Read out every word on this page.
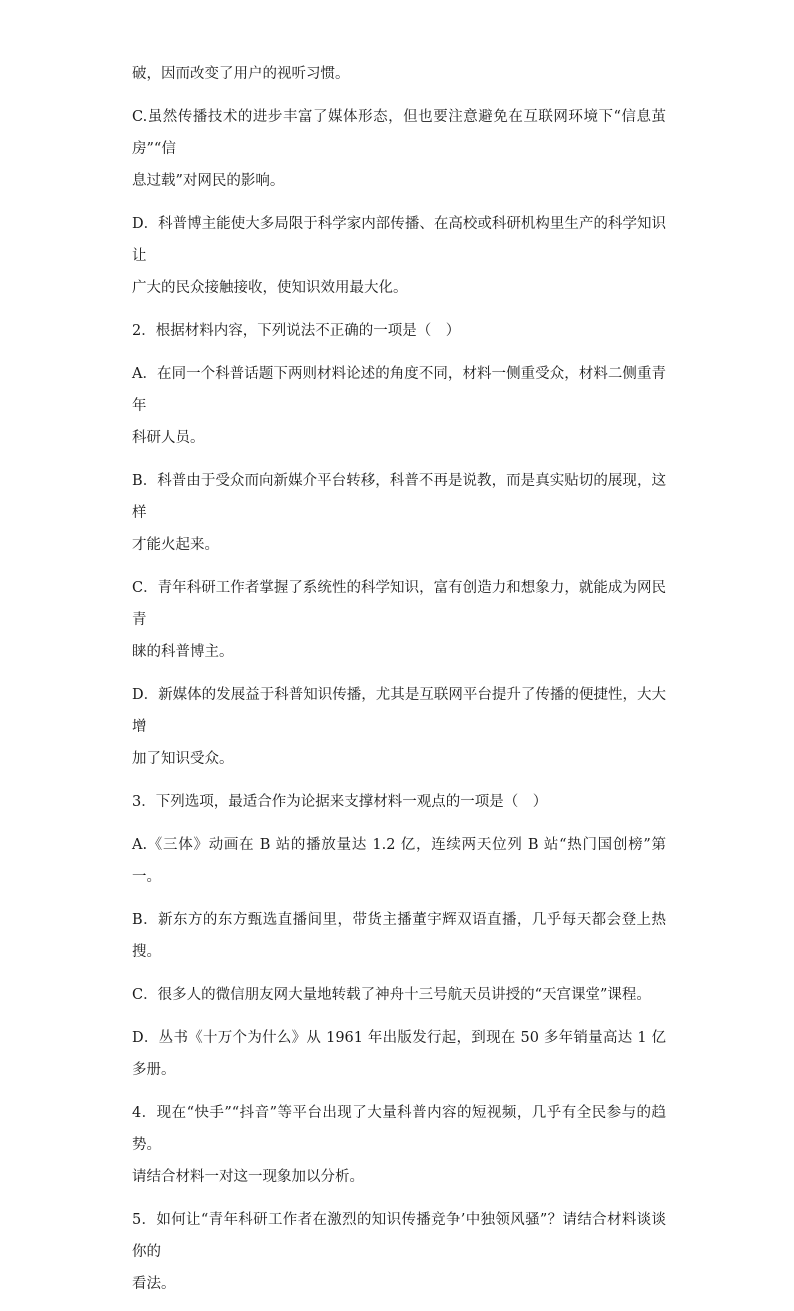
破，因而改变了用户的视听习惯。

C.虽然传播技术的进步丰富了媒体形态，但也要注意避免在互联网环境下“信息茧房”“信
息过载”对网民的影响。

D．科普博主能使大多局限于科学家内部传播、在高校或科研机构里生产的科学知识让
广大的民众接触接收，使知识效用最大化。

2．根据材料内容，下列说法不正确的一项是（　）

A．在同一个科普话题下两则材料论述的角度不同，材料一侧重受众，材料二侧重青年
科研人员。

B．科普由于受众而向新媒介平台转移，科普不再是说教，而是真实贴切的展现，这样
才能火起来。

C．青年科研工作者掌握了系统性的科学知识，富有创造力和想象力，就能成为网民青
睐的科普博主。

D．新媒体的发展益于科普知识传播，尤其是互联网平台提升了传播的便捷性，大大增
加了知识受众。

3．下列选项，最适合作为论据来支撑材料一观点的一项是（　）

A.《三体》动画在 B 站的播放量达 1.2 亿，连续两天位列 B 站“热门国创榜”第一。

B．新东方的东方甄选直播间里，带货主播董宇辉双语直播，几乎每天都会登上热搜。

C．很多人的微信朋友网大量地转载了神舟十三号航天员讲授的“天宫课堂”课程。

D．丛书《十万个为什么》从 1961 年出版发行起，到现在 50 多年销量高达 1 亿多册。

4．现在“快手”“抖音”等平台出现了大量科普内容的短视频，几乎有全民参与的趋势。
请结合材料一对这一现象加以分析。

5．如何让“青年科研工作者在激烈的知识传播竞争’中独领风骚”？请结合材料谈谈你的
看法。
